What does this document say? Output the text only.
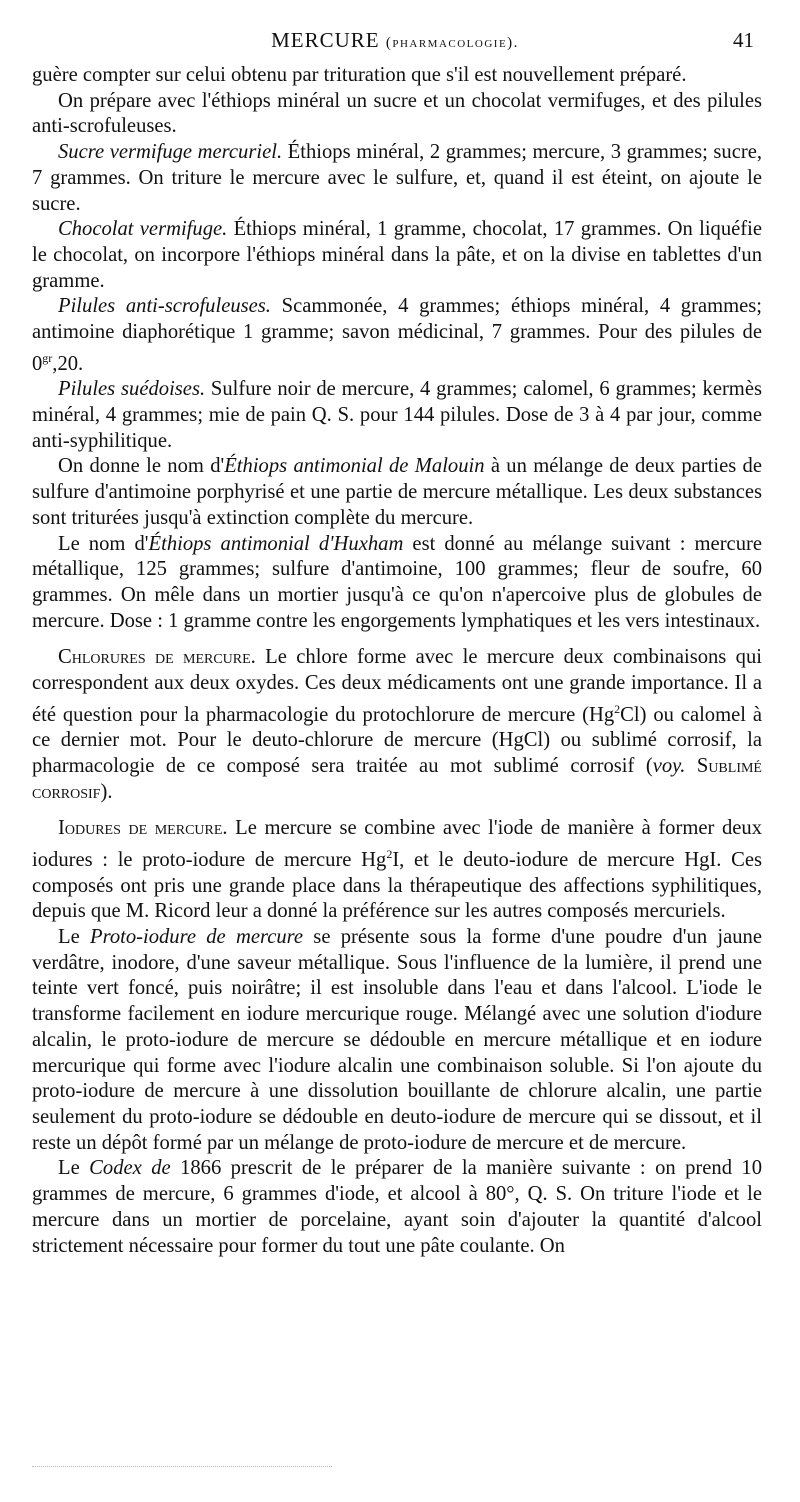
MERCURE (pharmacologie).	41

guère compter sur celui obtenu par trituration que s'il est nouvellement préparé.

On prépare avec l'éthiops minéral un sucre et un chocolat vermifuges, et des pilules anti-scrofuleuses.

Sucre vermifuge mercuriel. Éthiops minéral, 2 grammes; mercure, 3 grammes; sucre, 7 grammes. On triture le mercure avec le sulfure, et, quand il est éteint, on ajoute le sucre.

Chocolat vermifuge. Éthiops minéral, 1 gramme, chocolat, 17 grammes. On liquéfie le chocolat, on incorpore l'éthiops minéral dans la pâte, et on la divise en tablettes d'un gramme.

Pilules anti-scrofuleuses. Scammonée, 4 grammes; éthiops minéral, 4 grammes; antimoine diaphorétique 1 gramme; savon médicinal, 7 grammes. Pour des pilules de $0^{gr},20$.

Pilules suédoises. Sulfure noir de mercure, 4 grammes; calomel, 6 grammes; kermès minéral, 4 grammes; mie de pain Q. S. pour 144 pilules. Dose de 3 à 4 par jour, comme anti-syphilitique.

On donne le nom d'Éthiops antimonial de Malouin à un mélange de deux parties de sulfure d'antimoine porphyrisé et une partie de mercure métallique. Les deux substances sont triturées jusqu'à extinction complète du mercure.

Le nom d'Éthiops antimonial d'Huxham est donné au mélange suivant : mercure métallique, 125 grammes; sulfure d'antimoine, 100 grammes; fleur de soufre, 60 grammes. On mêle dans un mortier jusqu'à ce qu'on n'apercoive plus de globules de mercure. Dose : 1 gramme contre les engorgements lymphatiques et les vers intestinaux.

Chlorures de mercure. Le chlore forme avec le mercure deux combinaisons qui correspondent aux deux oxydes. Ces deux médicaments ont une grande importance. Il a été question pour la pharmacologie du protochlorure de mercure (Hg$^2$Cl) ou calomel à ce dernier mot. Pour le deuto-chlorure de mercure (HgCl) ou sublimé corrosif, la pharmacologie de ce composé sera traitée au mot sublimé corrosif (voy. Sublimé corrosif).

Iodures de mercure. Le mercure se combine avec l'iode de manière à former deux iodures : le proto-iodure de mercure Hg$^2$I, et le deuto-iodure de mercure HgI. Ces composés ont pris une grande place dans la thérapeutique des affections syphilitiques, depuis que M. Ricord leur a donné la préférence sur les autres composés mercuriels.

Le Proto-iodure de mercure se présente sous la forme d'une poudre d'un jaune verdâtre, inodore, d'une saveur métallique. Sous l'influence de la lumière, il prend une teinte vert foncé, puis noirâtre; il est insoluble dans l'eau et dans l'alcool. L'iode le transforme facilement en iodure mercurique rouge. Mélangé avec une solution d'iodure alcalin, le proto-iodure de mercure se dédouble en mercure métallique et en iodure mercurique qui forme avec l'iodure alcalin une combinaison soluble. Si l'on ajoute du proto-iodure de mercure à une dissolution bouillante de chlorure alcalin, une partie seulement du proto-iodure se dédouble en deuto-iodure de mercure qui se dissout, et il reste un dépôt formé par un mélange de proto-iodure de mercure et de mercure.

Le Codex de 1866 prescrit de le préparer de la manière suivante : on prend 10 grammes de mercure, 6 grammes d'iode, et alcool à 80°, Q. S. On triture l'iode et le mercure dans un mortier de porcelaine, ayant soin d'ajouter la quantité d'alcool strictement nécessaire pour former du tout une pâte coulante. On
